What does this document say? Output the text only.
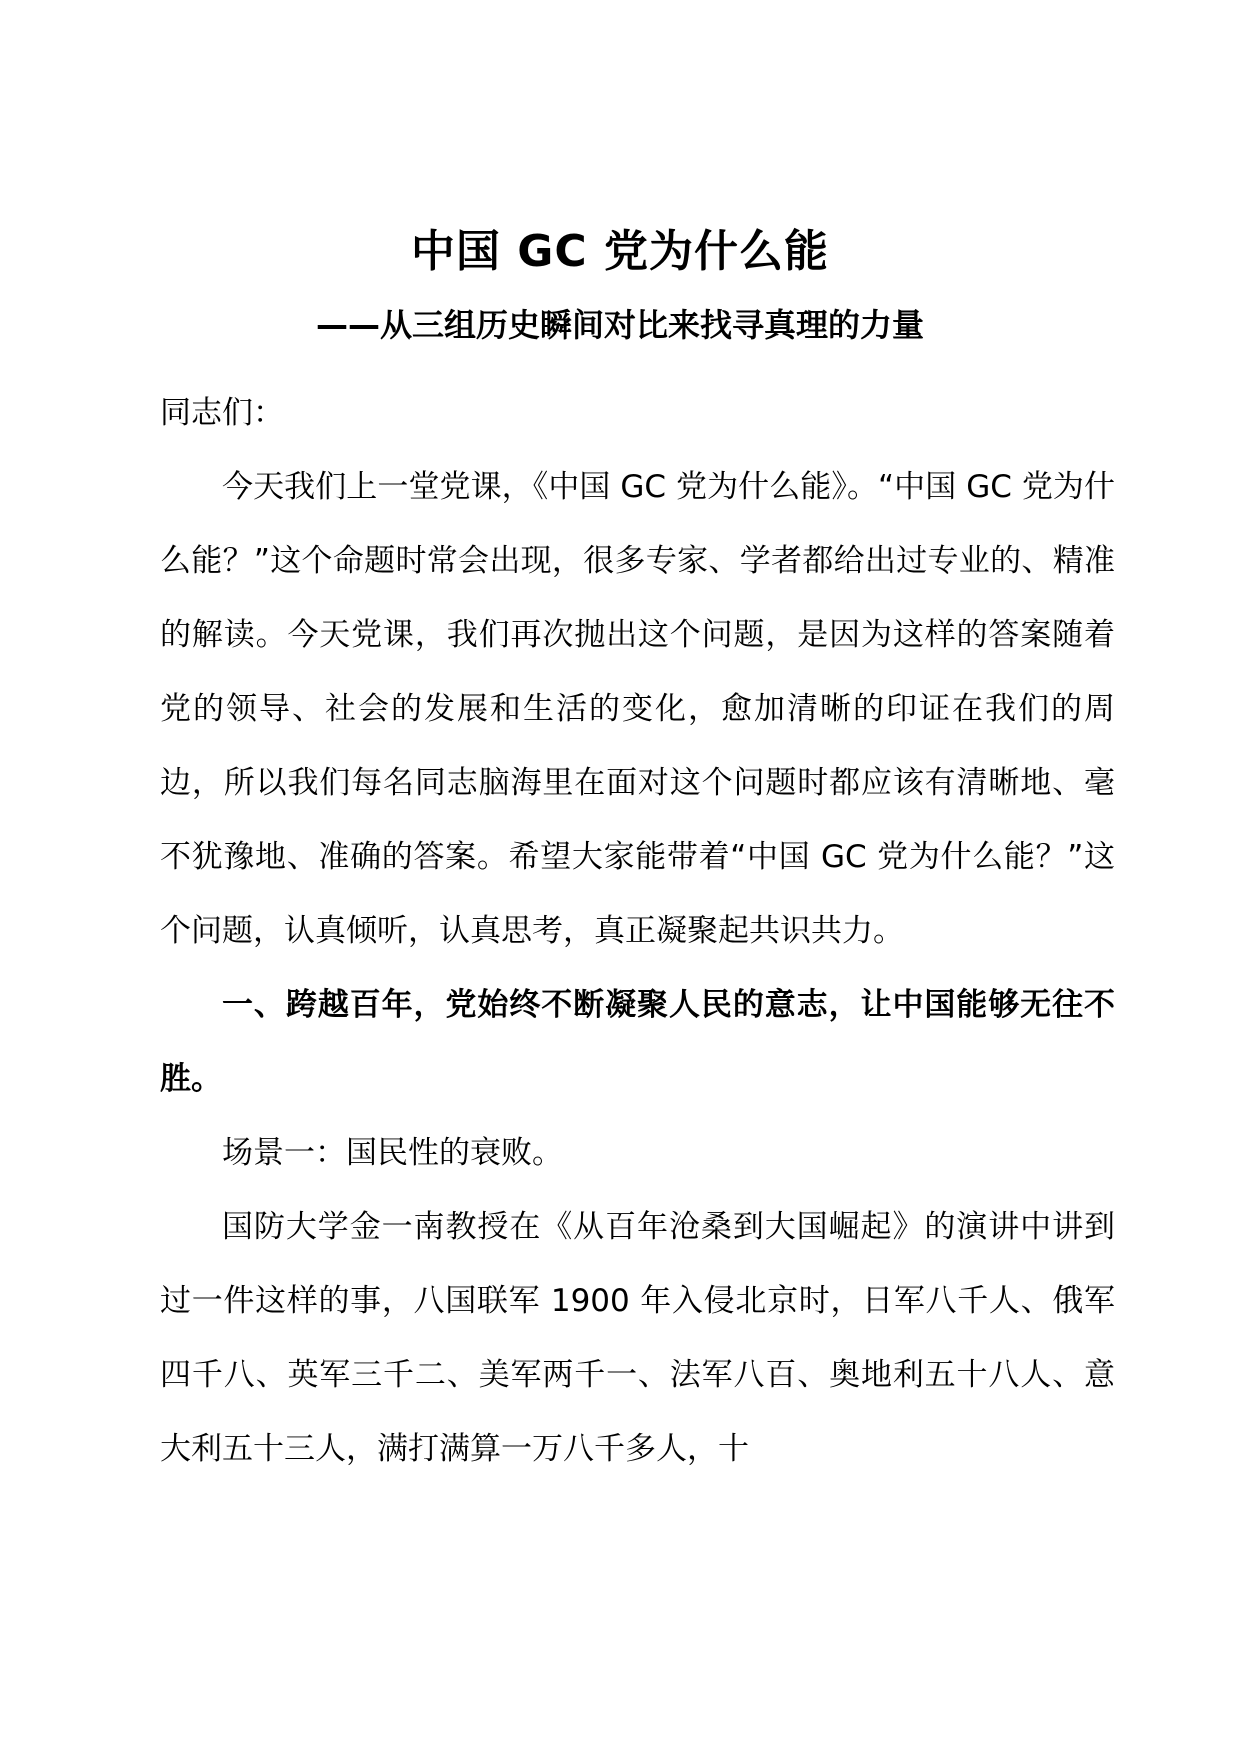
中国 GC 党为什么能
——从三组历史瞬间对比来找寻真理的力量

同志们：

今天我们上一堂党课，《中国 GC 党为什么能》。“中国 GC 党为什么能？”这个命题时常会出现，很多专家、学者都给出过专业的、精准的解读。今天党课，我们再次抛出这个问题，是因为这样的答案随着党的领导、社会的发展和生活的变化，愈加清晰的印证在我们的周边，所以我们每名同志脑海里在面对这个问题时都应该有清晰地、毫不犹豫地、准确的答案。希望大家能带着“中国 GC 党为什么能？”这个问题，认真倾听，认真思考，真正凝聚起共识共力。

一、跨越百年，党始终不断凝聚人民的意志，让中国能够无往不胜。

场景一：国民性的衰败。

国防大学金一南教授在《从百年沧桑到大国崛起》的演讲中讲到过一件这样的事，八国联军 1900 年入侵北京时，日军八千人、俄军四千八、英军三千二、美军两千一、法军八百、奥地利五十八人、意大利五十三人，满打满算一万八千多人，十
